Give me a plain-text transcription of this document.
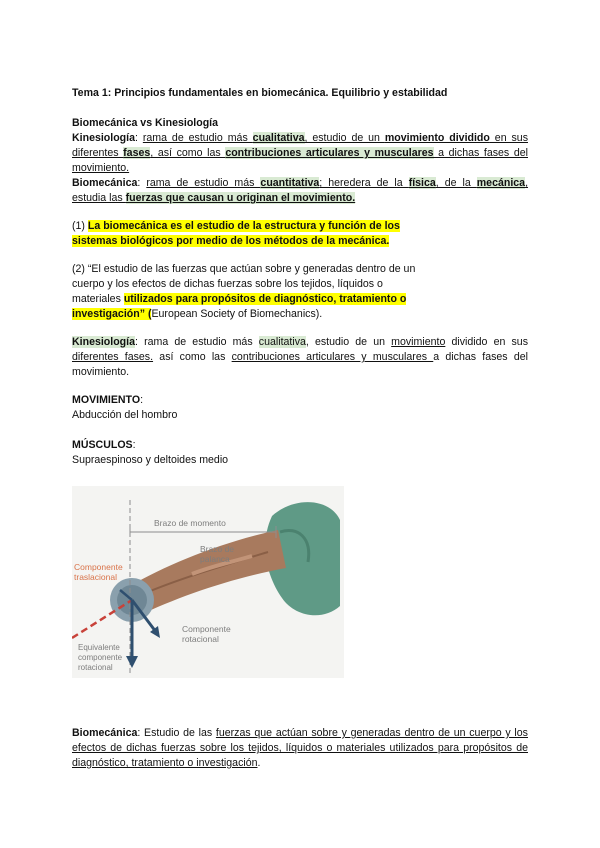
Tema 1: Principios fundamentales en biomecánica. Equilibrio y estabilidad
Biomecánica vs Kinesiología
Kinesiología: rama de estudio más cualitativa, estudio de un movimiento dividido en sus diferentes fases, así como las contribuciones articulares y musculares a dichas fases del movimiento.
Biomecánica: rama de estudio más cuantitativa; heredera de la física, de la mecánica, estudia las fuerzas que causan u originan el movimiento.
(1) La biomecánica es el estudio de la estructura y función de los sistemas biológicos por medio de los métodos de la mecánica.
(2) “El estudio de las fuerzas que actúan sobre y generadas dentro de un cuerpo y los efectos de dichas fuerzas sobre los tejidos, líquidos o materiales utilizados para propósitos de diagnóstico, tratamiento o investigación” (European Society of Biomechanics).
Kinesiología: rama de estudio más cualitativa, estudio de un movimiento dividido en sus diferentes fases. así como las contribuciones articulares y musculares a dichas fases del movimiento.
MOVIMIENTO:
Abducción del hombro
MÚSCULOS:
Supraespinoso y deltoides medio
Brazo de momento
Brazo de
palanca
Componente
traslacional
Componente
rotacional
Equivalente
componente
rotacional
Biomecánica: Estudio de las fuerzas que actúan sobre y generadas dentro de un cuerpo y los efectos de dichas fuerzas sobre los tejidos, líquidos o materiales utilizados para propósitos de diagnóstico, tratamiento o investigación.
